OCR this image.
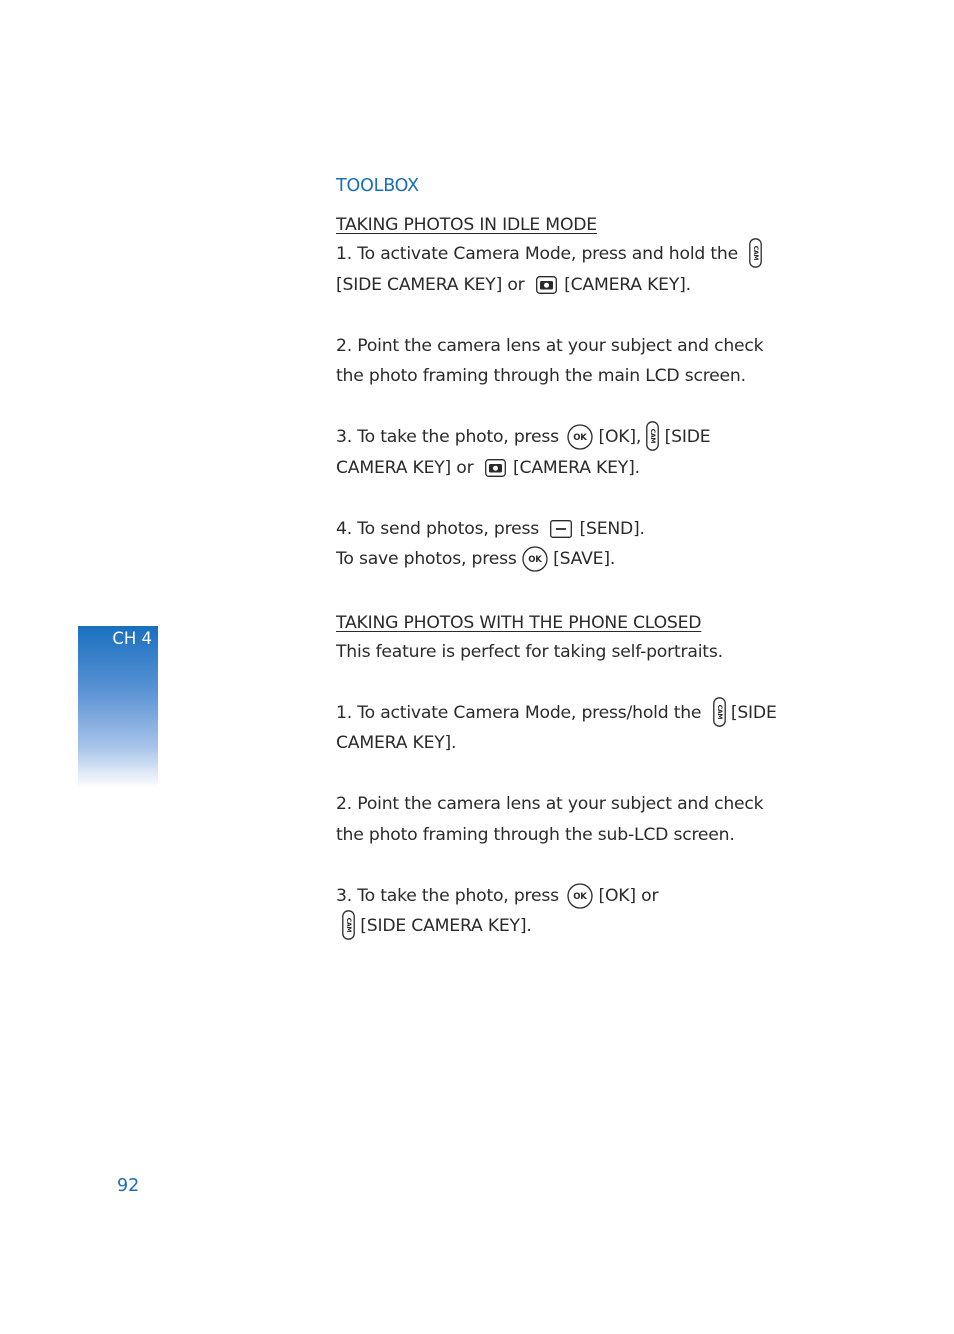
TOOLBOX
TAKING PHOTOS IN IDLE MODE

1. To activate Camera Mode, press and hold the CAM

[SIDE CAMERA KEY] or [CAMERA KEY].

2. Point the camera lens at your subject and check the photo framing through the main LCD screen.

3. To take the photo, press OK [OK], CAM [SIDE CAMERA KEY] or [CAMERA KEY].

4. To send photos, press [SEND].
To save photos, press OK [SAVE].

TAKING PHOTOS WITH THE PHONE CLOSED

This feature is perfect for taking self-portraits.

1. To activate Camera Mode, press/hold the CAM [SIDE CAMERA KEY].

2. Point the camera lens at your subject and check the photo framing through the sub-LCD screen.

3. To take the photo, press OK [OK] or

CAM [SIDE CAMERA KEY].

CH 4
92
